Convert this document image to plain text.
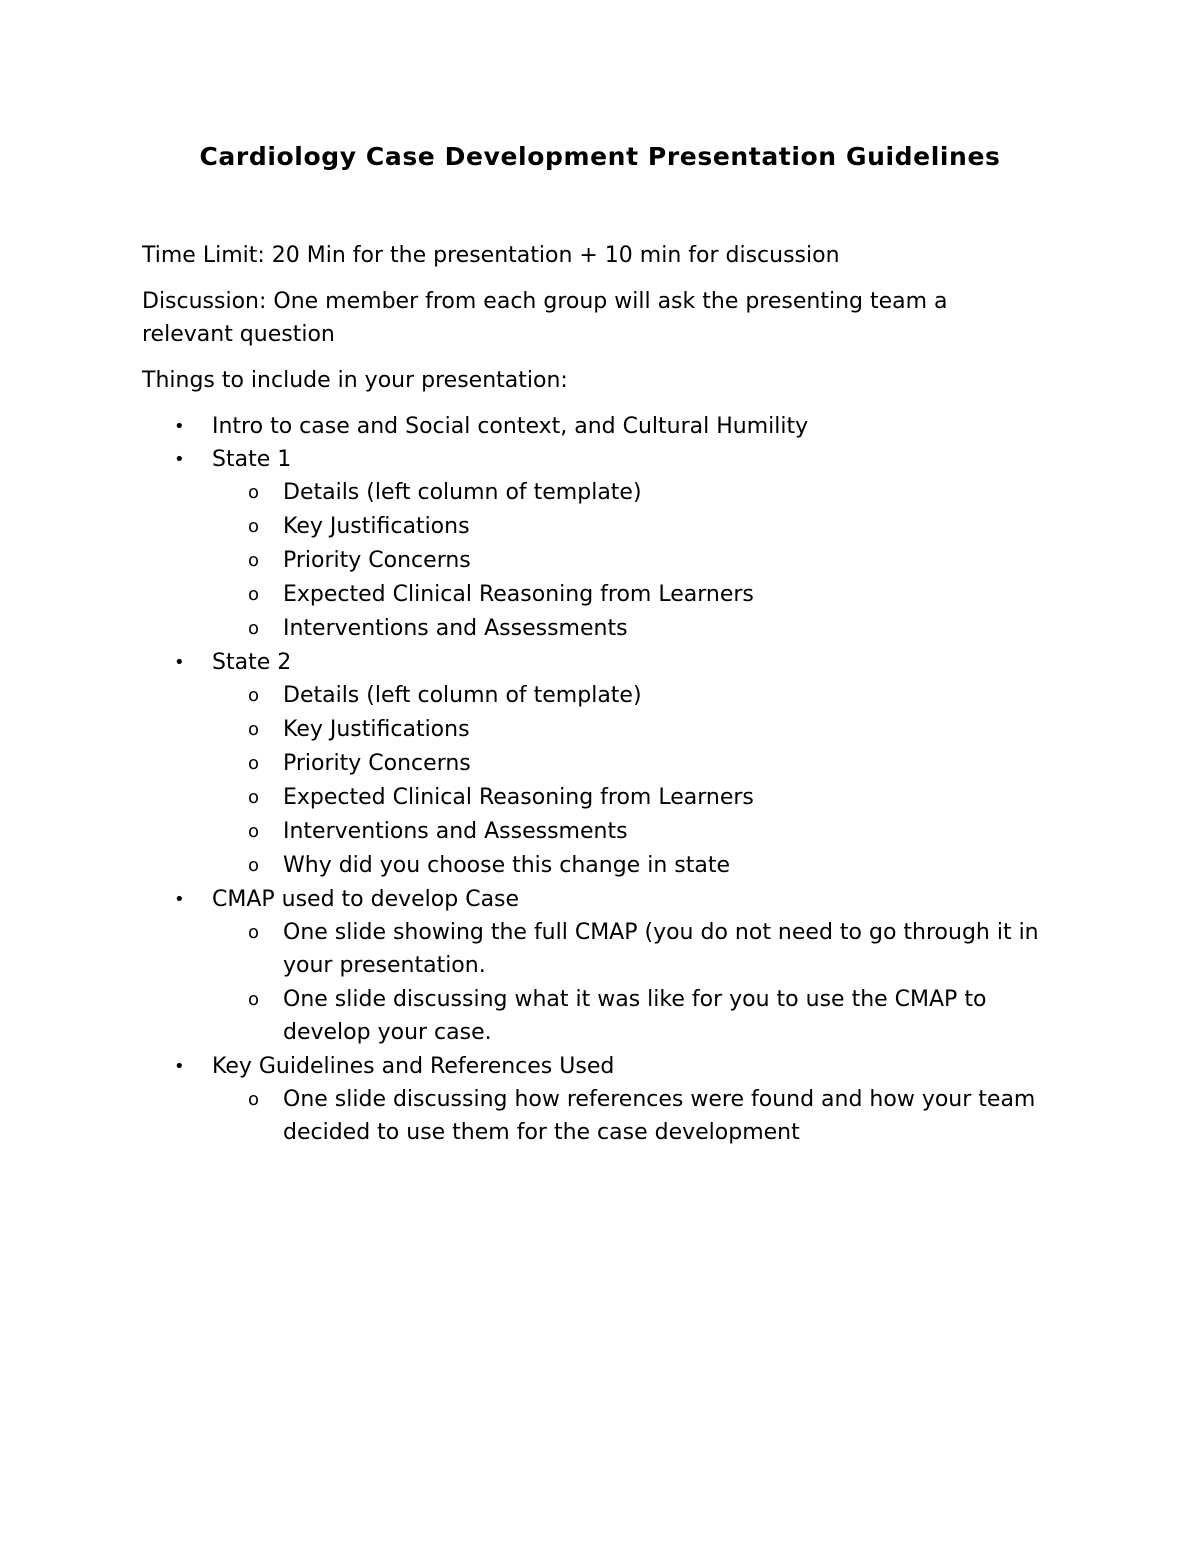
Cardiology Case Development Presentation Guidelines

Time Limit: 20 Min for the presentation + 10 min for discussion

Discussion: One member from each group will ask the presenting team a relevant question

Things to include in your presentation:

• Intro to case and Social context, and Cultural Humility
• State 1
o Details (left column of template)
o Key Justifications
o Priority Concerns
o Expected Clinical Reasoning from Learners
o Interventions and Assessments
• State 2
o Details (left column of template)
o Key Justifications
o Priority Concerns
o Expected Clinical Reasoning from Learners
o Interventions and Assessments
o Why did you choose this change in state
• CMAP used to develop Case
o One slide showing the full CMAP (you do not need to go through it in your presentation.
o One slide discussing what it was like for you to use the CMAP to develop your case.
• Key Guidelines and References Used
o One slide discussing how references were found and how your team decided to use them for the case development
